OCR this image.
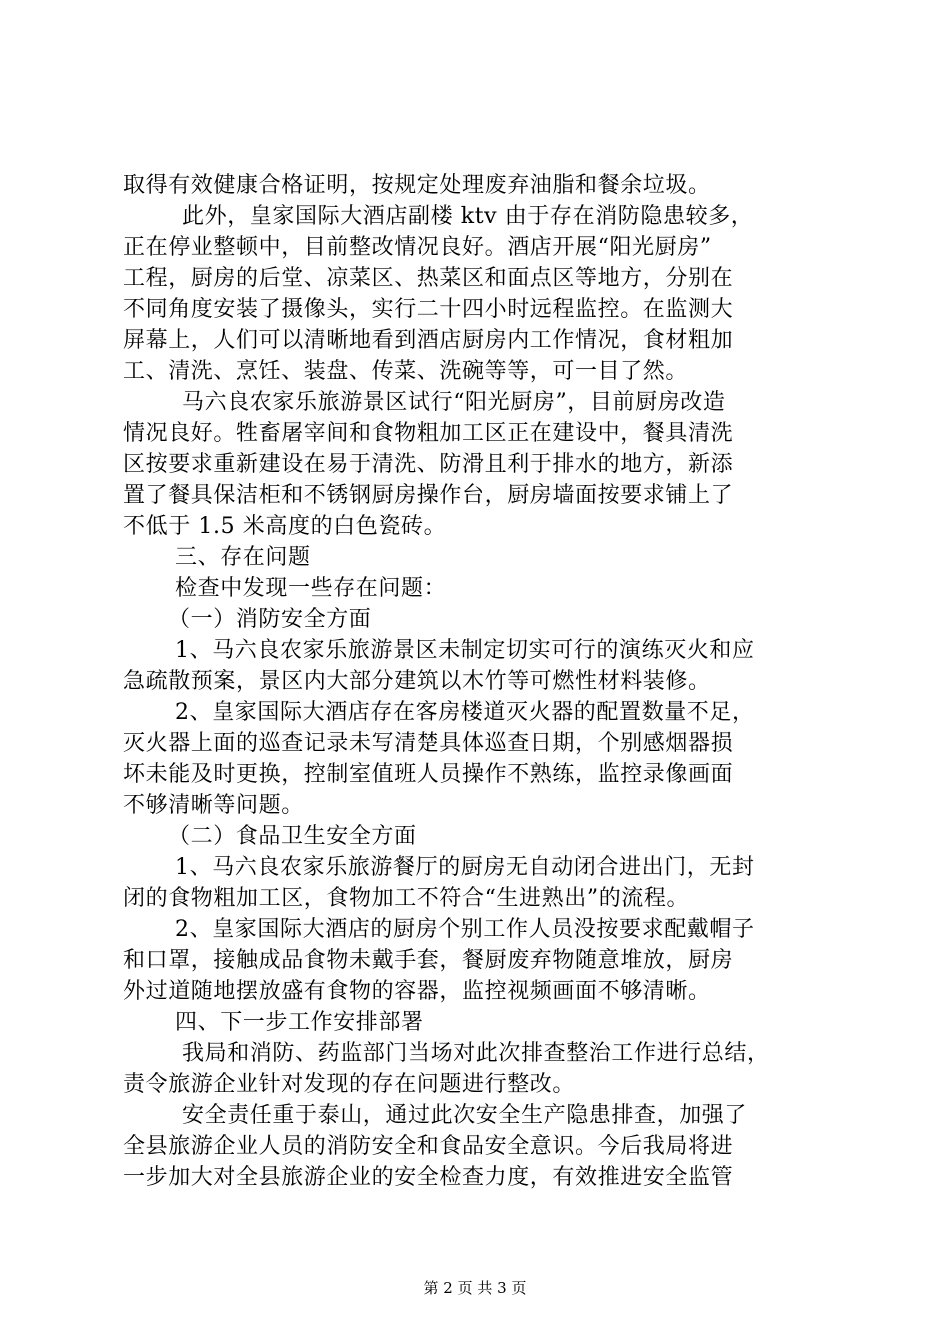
取得有效健康合格证明，按规定处理废弃油脂和餐余垃圾。
此外，皇家国际大酒店副楼 ktv 由于存在消防隐患较多，
正在停业整顿中，目前整改情况良好。酒店开展“阳光厨房”
工程，厨房的后堂、凉菜区、热菜区和面点区等地方，分别在
不同角度安装了摄像头，实行二十四小时远程监控。在监测大
屏幕上，人们可以清晰地看到酒店厨房内工作情况，食材粗加
工、清洗、烹饪、装盘、传菜、洗碗等等，可一目了然。
马六良农家乐旅游景区试行“阳光厨房”，目前厨房改造
情况良好。牲畜屠宰间和食物粗加工区正在建设中，餐具清洗
区按要求重新建设在易于清洗、防滑且利于排水的地方，新添
置了餐具保洁柜和不锈钢厨房操作台，厨房墙面按要求铺上了
不低于 1.5 米高度的白色瓷砖。
三、存在问题
检查中发现一些存在问题：
（一）消防安全方面
1、马六良农家乐旅游景区未制定切实可行的演练灭火和应
急疏散预案，景区内大部分建筑以木竹等可燃性材料装修。
2、皇家国际大酒店存在客房楼道灭火器的配置数量不足，
灭火器上面的巡查记录未写清楚具体巡查日期，个别感烟器损
坏未能及时更换，控制室值班人员操作不熟练，监控录像画面
不够清晰等问题。
（二）食品卫生安全方面
1、马六良农家乐旅游餐厅的厨房无自动闭合进出门，无封
闭的食物粗加工区，食物加工不符合“生进熟出”的流程。
2、皇家国际大酒店的厨房个别工作人员没按要求配戴帽子
和口罩，接触成品食物未戴手套，餐厨废弃物随意堆放，厨房
外过道随地摆放盛有食物的容器，监控视频画面不够清晰。
四、下一步工作安排部署
我局和消防、药监部门当场对此次排查整治工作进行总结，
责令旅游企业针对发现的存在问题进行整改。
安全责任重于泰山，通过此次安全生产隐患排查，加强了
全县旅游企业人员的消防安全和食品安全意识。今后我局将进
一步加大对全县旅游企业的安全检查力度，有效推进安全监管
第 2 页 共 3 页
